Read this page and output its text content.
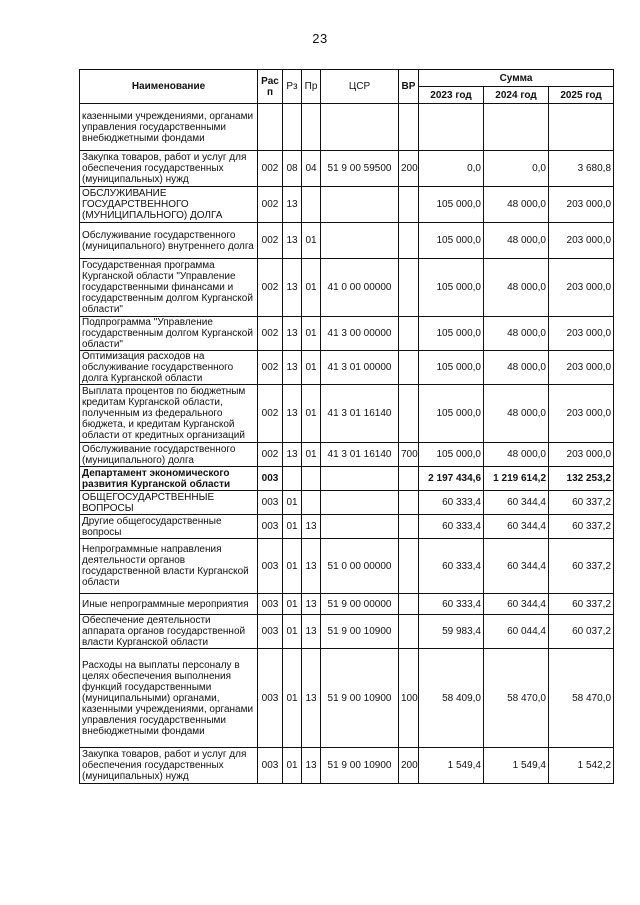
23
Наименование	Рас п	Рз	Пр	ЦСР	ВР	Сумма		
						2023 год	2024 год	2025 год
казенными учреждениями, органами управления государственными внебюджетными фондами								
Закупка товаров, работ и услуг для обеспечения государственных (муниципальных) нужд	002	08	04	51 9 00 59500	200	0,0	0,0	3 680,8
ОБСЛУЖИВАНИЕ ГОСУДАРСТВЕННОГО (МУНИЦИПАЛЬНОГО) ДОЛГА	002	13				105 000,0	48 000,0	203 000,0
Обслуживание государственного (муниципального) внутреннего долга	002	13	01			105 000,0	48 000,0	203 000,0
Государственная программа Курганской области "Управление государственными финансами и государственным долгом Курганской области"	002	13	01	41 0 00 00000		105 000,0	48 000,0	203 000,0
Подпрограмма "Управление государственным долгом Курганской области"	002	13	01	41 3 00 00000		105 000,0	48 000,0	203 000,0
Оптимизация расходов на обслуживание государственного долга Курганской области	002	13	01	41 3 01 00000		105 000,0	48 000,0	203 000,0
Выплата процентов по бюджетным кредитам Курганской области, полученным из федерального бюджета, и кредитам Курганской области от кредитных организаций	002	13	01	41 3 01 16140		105 000,0	48 000,0	203 000,0
Обслуживание государственного (муниципального) долга	002	13	01	41 3 01 16140	700	105 000,0	48 000,0	203 000,0
Департамент экономического развития Курганской области	003					2 197 434,6	1 219 614,2	132 253,2
ОБЩЕГОСУДАРСТВЕННЫЕ ВОПРОСЫ	003	01				60 333,4	60 344,4	60 337,2
Другие общегосударственные вопросы	003	01	13			60 333,4	60 344,4	60 337,2
Непрограммные направления деятельности органов государственной власти Курганской области	003	01	13	51 0 00 00000		60 333,4	60 344,4	60 337,2
Иные непрограммные мероприятия	003	01	13	51 9 00 00000		60 333,4	60 344,4	60 337,2
Обеспечение деятельности аппарата органов государственной власти Курганской области	003	01	13	51 9 00 10900		59 983,4	60 044,4	60 037,2
Расходы на выплаты персоналу в целях обеспечения выполнения функций государственными (муниципальными) органами, казенными учреждениями, органами управления государственными внебюджетными фондами	003	01	13	51 9 00 10900	100	58 409,0	58 470,0	58 470,0
Закупка товаров, работ и услуг для обеспечения государственных (муниципальных) нужд	003	01	13	51 9 00 10900	200	1 549,4	1 549,4	1 542,2
